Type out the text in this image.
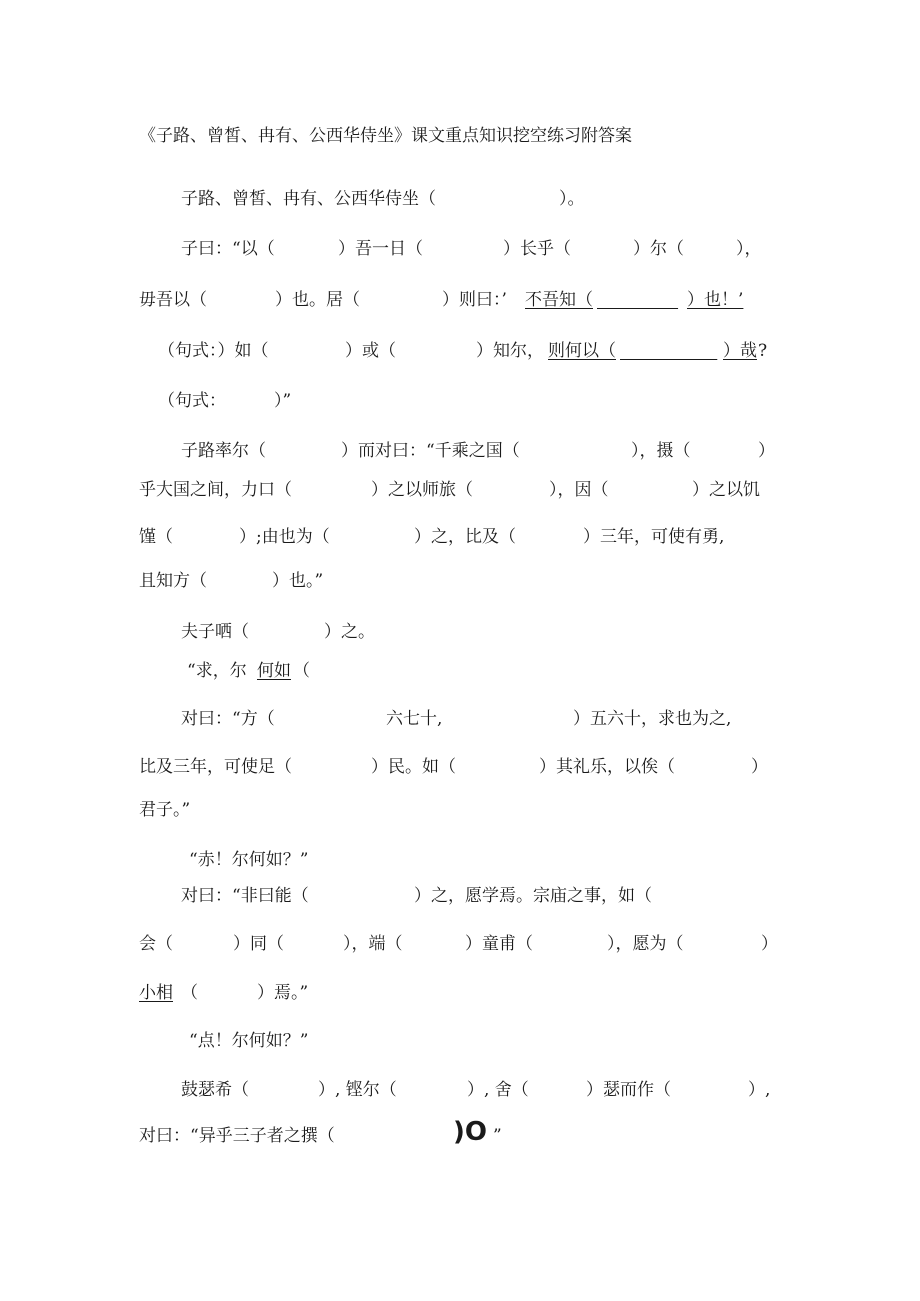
《子路、曾皙、冉有、公西华侍坐》课文重点知识挖空练习附答案

子路、曾皙、冉有、公西华侍坐（

	）。

子曰：“以（

	）吾一日（

	）长乎（

	）尔（

	），

毋吾以（

	）也。居（

	）则曰：’

不吾知（

	）也！’

（句式：）如（

	）或（

	）知尔，

则何以（

	）哉

?

（句式：

	）”

子路率尔（

	）而对曰：“千乘之国（

	），摄（

	）

乎大国之间，力口（

	）之以师旅（

	），因（

	）之以饥

馑（

	）;由也为（

	）之，比及（

	）三年，可使有勇,

且知方（

	）也。”

夫子哂（

	）之。

“求，尔

何如

（

对曰：“方（

	六七十,

	）五六十，求也为之,

比及三年，可使足（

	）民。如（

	）其礼乐，以俟（

	）

君子。”

“赤！尔何如？”

对曰：“非曰能（

	）之，愿学焉。宗庙之事，如（

会（

	）同（

	），端（

	）童甫（

	），愿为（

	）

小相

（

	）焉。”

“点！尔何如？”

鼓瑟希（

	）, 铿尔（

	）, 舍（

	）瑟而作（

	）,

对曰：“异乎三子者之撰（

	)O

”
